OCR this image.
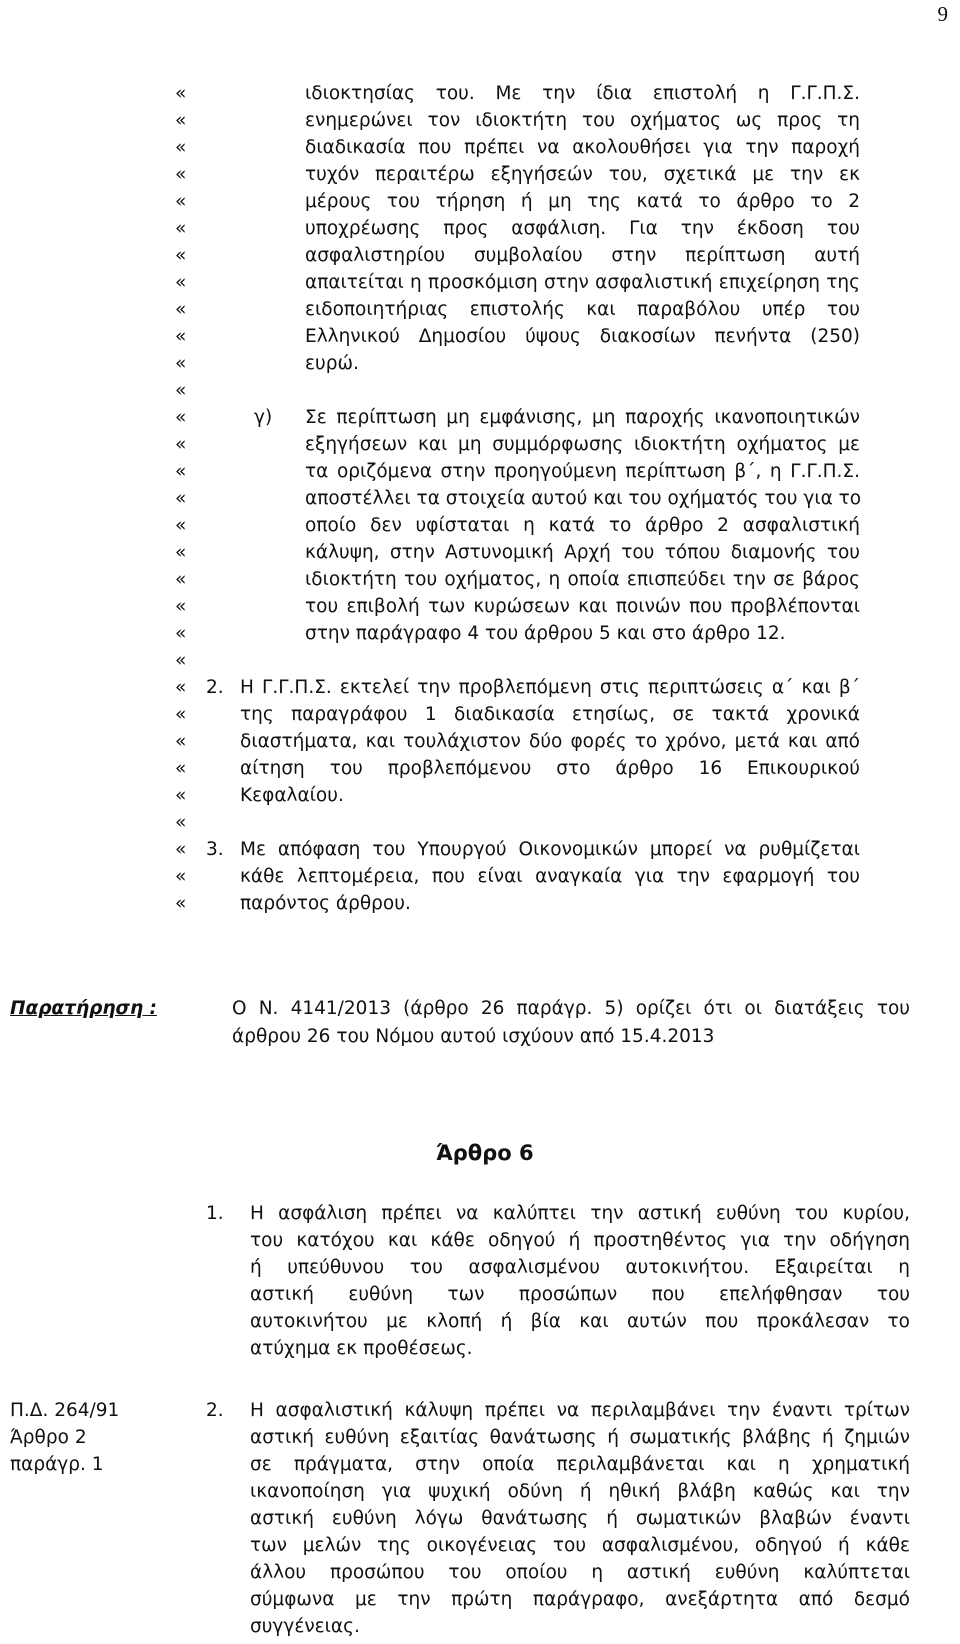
9
ιδιοκτησίας του. Με την ίδια επιστολή η Γ.Γ.Π.Σ.
ενημερώνει τον ιδιοκτήτη του οχήματος ως προς τη
διαδικασία που πρέπει να ακολουθήσει για την παροχή
τυχόν περαιτέρω εξηγήσεών του, σχετικά με την εκ
μέρους του τήρηση ή μη της κατά το άρθρο το 2
υποχρέωσης προς ασφάλιση. Για την έκδοση του
ασφαλιστηρίου συμβολαίου στην περίπτωση αυτή
απαιτείται η προσκόμιση στην ασφαλιστική επιχείρηση της
ειδοποιητήριας επιστολής και παραβόλου υπέρ του
Ελληνικού Δημοσίου ύψους διακοσίων πενήντα (250)
ευρώ.
γ) Σε περίπτωση μη εμφάνισης, μη παροχής ικανοποιητικών
εξηγήσεων και μη συμμόρφωσης ιδιοκτήτη οχήματος με
τα οριζόμενα στην προηγούμενη περίπτωση β΄, η Γ.Γ.Π.Σ.
αποστέλλει τα στοιχεία αυτού και του οχήματός του για το
οποίο δεν υφίσταται η κατά το άρθρο 2 ασφαλιστική
κάλυψη, στην Αστυνομική Αρχή του τόπου διαμονής του
ιδιοκτήτη του οχήματος, η οποία επισπεύδει την σε βάρος
του επιβολή των κυρώσεων και ποινών που προβλέπονται
στην παράγραφο 4 του άρθρου 5 και στο άρθρο 12.
2. Η Γ.Γ.Π.Σ. εκτελεί την προβλεπόμενη στις περιπτώσεις α΄ και β΄
της παραγράφου 1 διαδικασία ετησίως, σε τακτά χρονικά
διαστήματα, και τουλάχιστον δύο φορές το χρόνο, μετά και από
αίτηση του προβλεπόμενου στο άρθρο 16 Επικουρικού
Κεφαλαίου.
3. Με απόφαση του Υπουργού Οικονομικών μπορεί να ρυθμίζεται
κάθε λεπτομέρεια, που είναι αναγκαία για την εφαρμογή του
παρόντος άρθρου.
«
«
«
«
«
«
«
«
«
«
«
«
«
«
«
«
«
«
«
«
«
«
«
«
«
«
«
«
«
«
«
Παρατήρηση :	Ο Ν. 4141/2013 (άρθρο 26 παράγρ. 5) ορίζει ότι οι διατάξεις του
άρθρου 26 του Νόμου αυτού ισχύουν από 15.4.2013
Άρθρο 6
1. Η ασφάλιση πρέπει να καλύπτει την αστική ευθύνη του κυρίου,
του κατόχου και κάθε οδηγού ή προστηθέντος για την οδήγηση
ή υπεύθυνου του ασφαλισμένου αυτοκινήτου. Εξαιρείται η
αστική ευθύνη των προσώπων που επελήφθησαν του
αυτοκινήτου με κλοπή ή βία και αυτών που προκάλεσαν το
ατύχημα εκ προθέσεως.
Π.Δ. 264/91
Άρθρο 2
παράγρ. 1
2. Η ασφαλιστική κάλυψη πρέπει να περιλαμβάνει την έναντι τρίτων
αστική ευθύνη εξαιτίας θανάτωσης ή σωματικής βλάβης ή ζημιών
σε πράγματα, στην οποία περιλαμβάνεται και η χρηματική
ικανοποίηση για ψυχική οδύνη ή ηθική βλάβη καθώς και την
αστική ευθύνη λόγω θανάτωσης ή σωματικών βλαβών έναντι
των μελών της οικογένειας του ασφαλισμένου, οδηγού ή κάθε
άλλου προσώπου του οποίου η αστική ευθύνη καλύπτεται
σύμφωνα με την πρώτη παράγραφο, ανεξάρτητα από δεσμό
συγγένειας.
